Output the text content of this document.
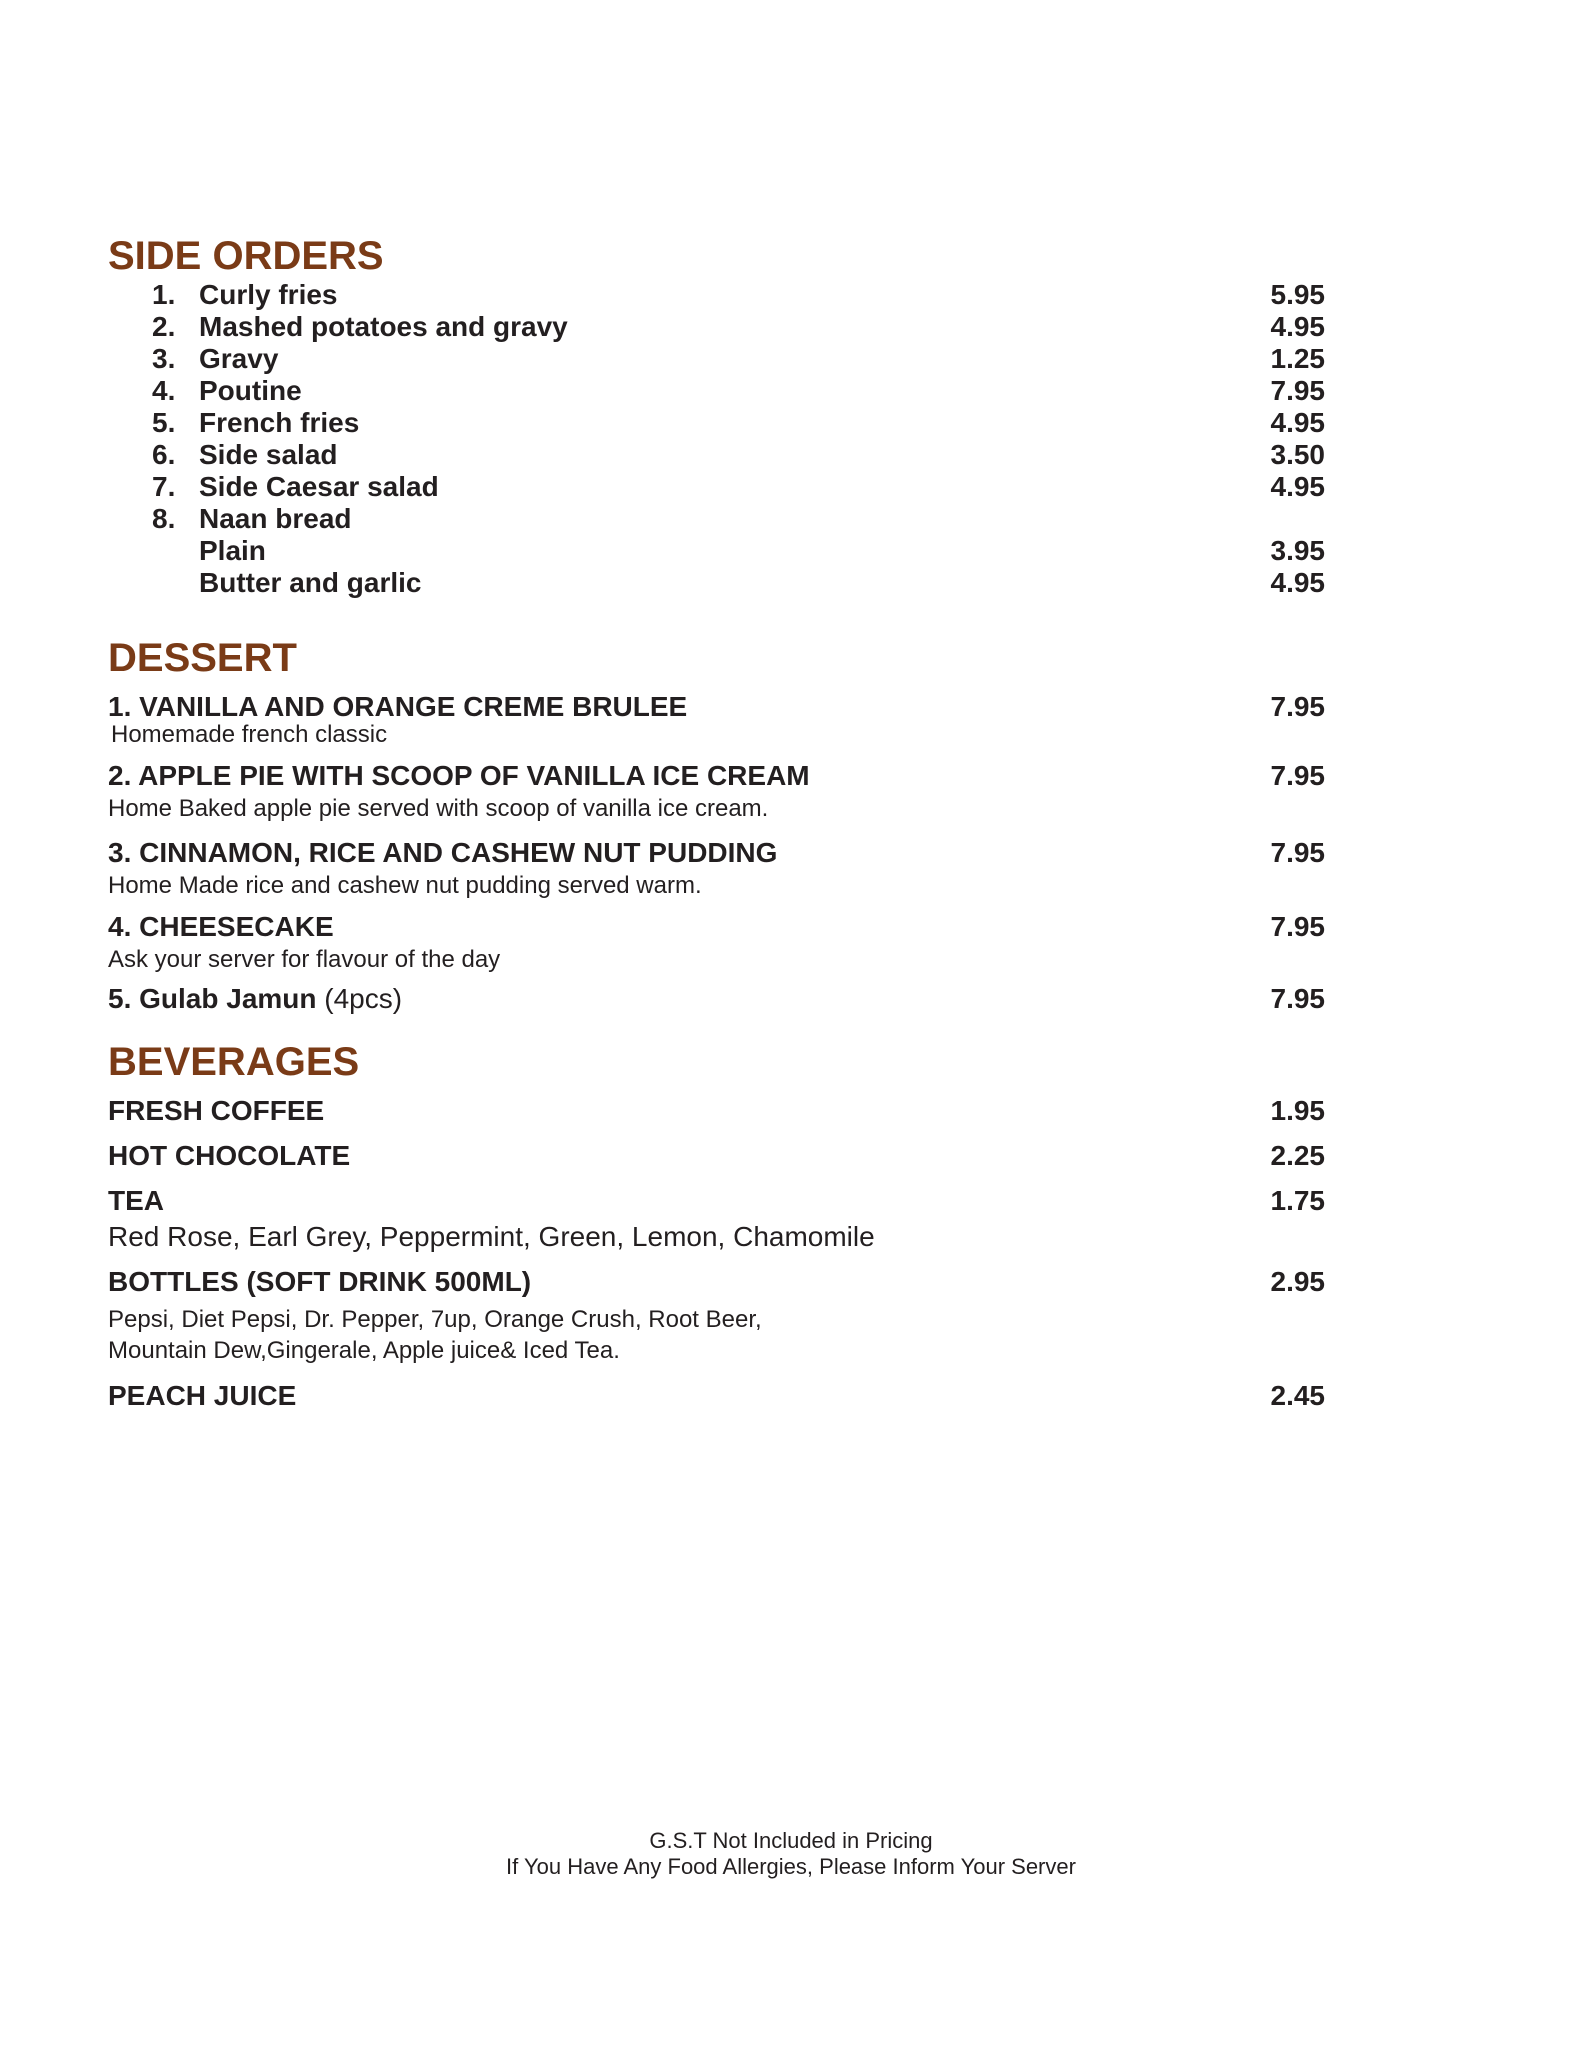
SIDE ORDERS
1. Curly fries	5.95
2. Mashed potatoes and gravy	4.95
3. Gravy	1.25
4. Poutine	7.95
5. French fries	4.95
6. Side salad	3.50
7. Side Caesar salad	4.95
8. Naan bread
Plain	3.95
Butter and garlic	4.95
DESSERT
1. VANILLA AND ORANGE CREME BRULEE	7.95
Homemade french classic
2. APPLE PIE WITH SCOOP OF VANILLA ICE CREAM	7.95
Home Baked apple pie served with scoop of vanilla ice cream.
3. CINNAMON, RICE AND CASHEW NUT PUDDING	7.95
Home Made rice and cashew nut pudding served warm.
4. CHEESECAKE	7.95
Ask your server for flavour of the day
5. Gulab Jamun (4pcs)	7.95
BEVERAGES
FRESH COFFEE	1.95
HOT CHOCOLATE	2.25
TEA	1.75
Red Rose, Earl Grey, Peppermint, Green, Lemon, Chamomile
BOTTLES (SOFT DRINK 500ML)	2.95
Pepsi, Diet Pepsi, Dr. Pepper, 7up, Orange Crush, Root Beer,
Mountain Dew,Gingerale, Apple juice& Iced Tea.
PEACH JUICE	2.45
G.S.T Not Included in Pricing
If You Have Any Food Allergies, Please Inform Your Server
